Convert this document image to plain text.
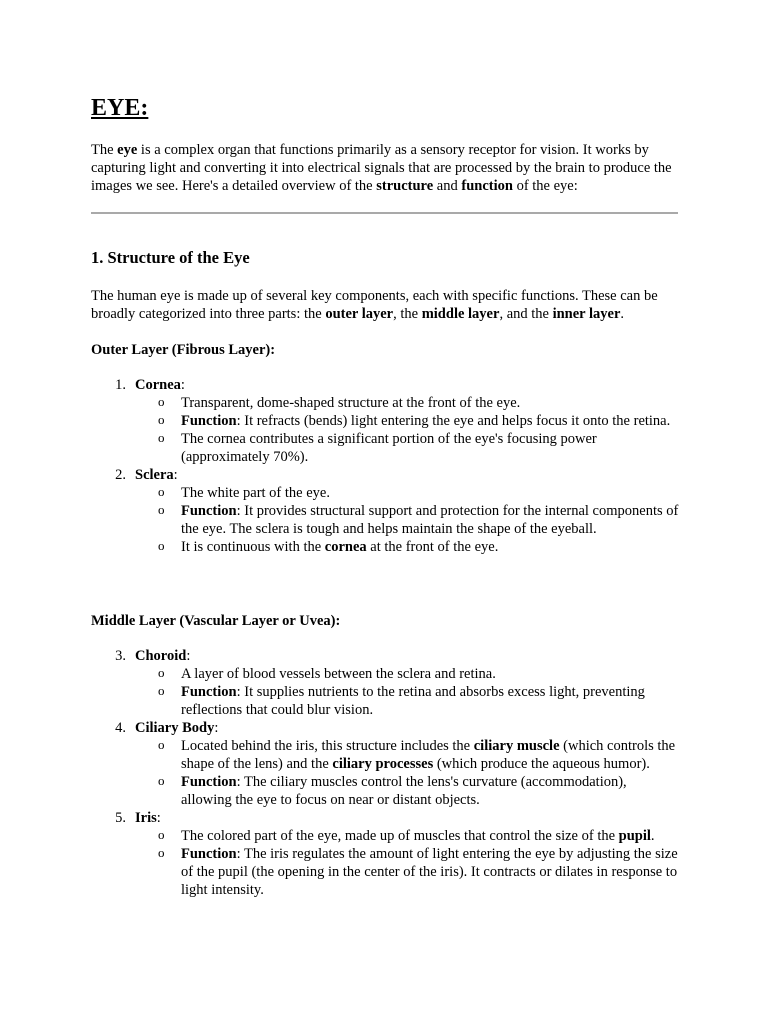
EYE:
The eye is a complex organ that functions primarily as a sensory receptor for vision. It works by capturing light and converting it into electrical signals that are processed by the brain to produce the images we see. Here's a detailed overview of the structure and function of the eye:
1. Structure of the Eye
The human eye is made up of several key components, each with specific functions. These can be broadly categorized into three parts: the outer layer, the middle layer, and the inner layer.
Outer Layer (Fibrous Layer):
1. Cornea:
o Transparent, dome-shaped structure at the front of the eye.
o Function: It refracts (bends) light entering the eye and helps focus it onto the retina.
o The cornea contributes a significant portion of the eye's focusing power (approximately 70%).
2. Sclera:
o The white part of the eye.
o Function: It provides structural support and protection for the internal components of the eye. The sclera is tough and helps maintain the shape of the eyeball.
o It is continuous with the cornea at the front of the eye.
Middle Layer (Vascular Layer or Uvea):
3. Choroid:
o A layer of blood vessels between the sclera and retina.
o Function: It supplies nutrients to the retina and absorbs excess light, preventing reflections that could blur vision.
4. Ciliary Body:
o Located behind the iris, this structure includes the ciliary muscle (which controls the shape of the lens) and the ciliary processes (which produce the aqueous humor).
o Function: The ciliary muscles control the lens's curvature (accommodation), allowing the eye to focus on near or distant objects.
5. Iris:
o The colored part of the eye, made up of muscles that control the size of the pupil.
o Function: The iris regulates the amount of light entering the eye by adjusting the size of the pupil (the opening in the center of the iris). It contracts or dilates in response to light intensity.
